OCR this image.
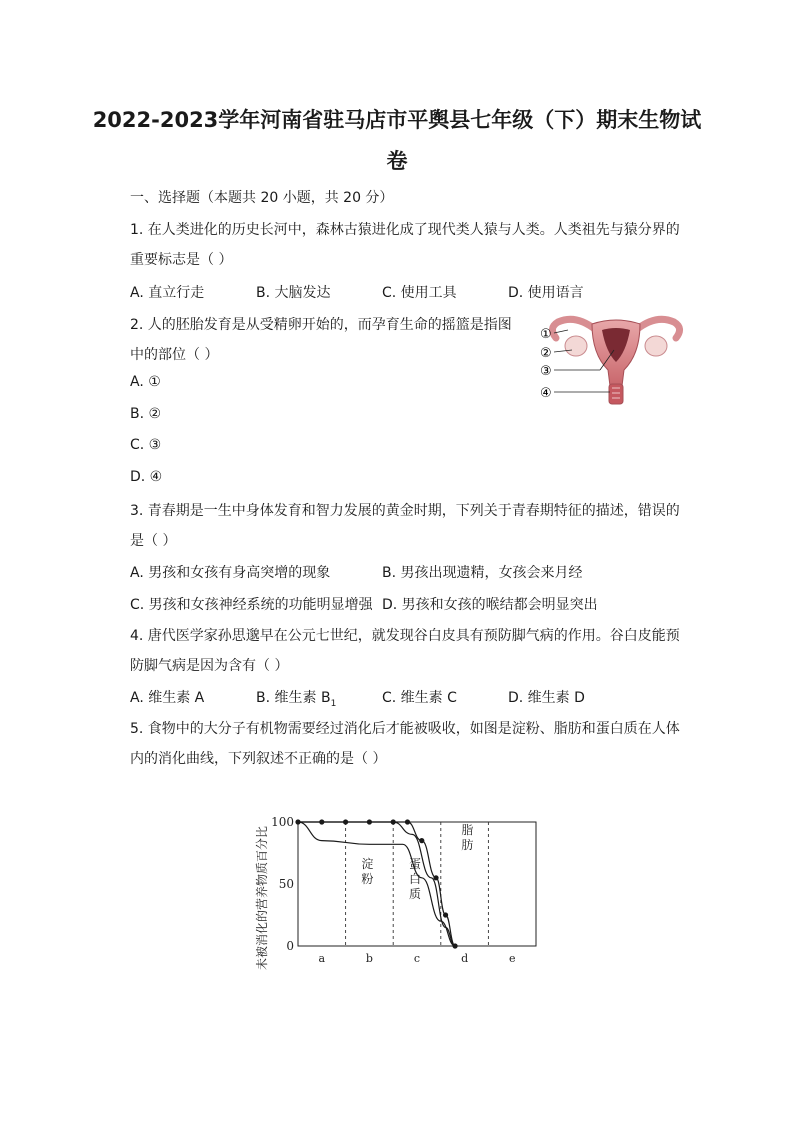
2022-2023学年河南省驻马店市平舆县七年级（下）期末生物试
卷
一、选择题（本题共 20 小题，共 20 分）
1. 在人类进化的历史长河中，森林古猿进化成了现代类人猿与人类。人类祖先与猿分界的
重要标志是（ ）
A. 直立行走	B. 大脑发达	C. 使用工具	D. 使用语言
2. 人的胚胎发育是从受精卵开始的，而孕育生命的摇篮是指图
中的部位（ ）
A. ①
B. ②
C. ③
D. ④
①
②
③
④
3. 青春期是一生中身体发育和智力发展的黄金时期，下列关于青春期特征的描述，错误的
是（ ）
A. 男孩和女孩有身高突增的现象	B. 男孩出现遗精，女孩会来月经
C. 男孩和女孩神经系统的功能明显增强 D. 男孩和女孩的喉结都会明显突出
4. 唐代医学家孙思邈早在公元七世纪，就发现谷白皮具有预防脚气病的作用。谷白皮能预
防脚气病是因为含有（ ）
A. 维生素 A	B. 维生素 $B_1$	C. 维生素 C	D. 维生素 D
5. 食物中的大分子有机物需要经过消化后才能被吸收，如图是淀粉、脂肪和蛋白质在人体
内的消化曲线，下列叙述不正确的是（ ）
100
50
0
a	b	c	d	e
未被消化的营养物质百分比	淀
粉
蛋
白
质
脂
肪
